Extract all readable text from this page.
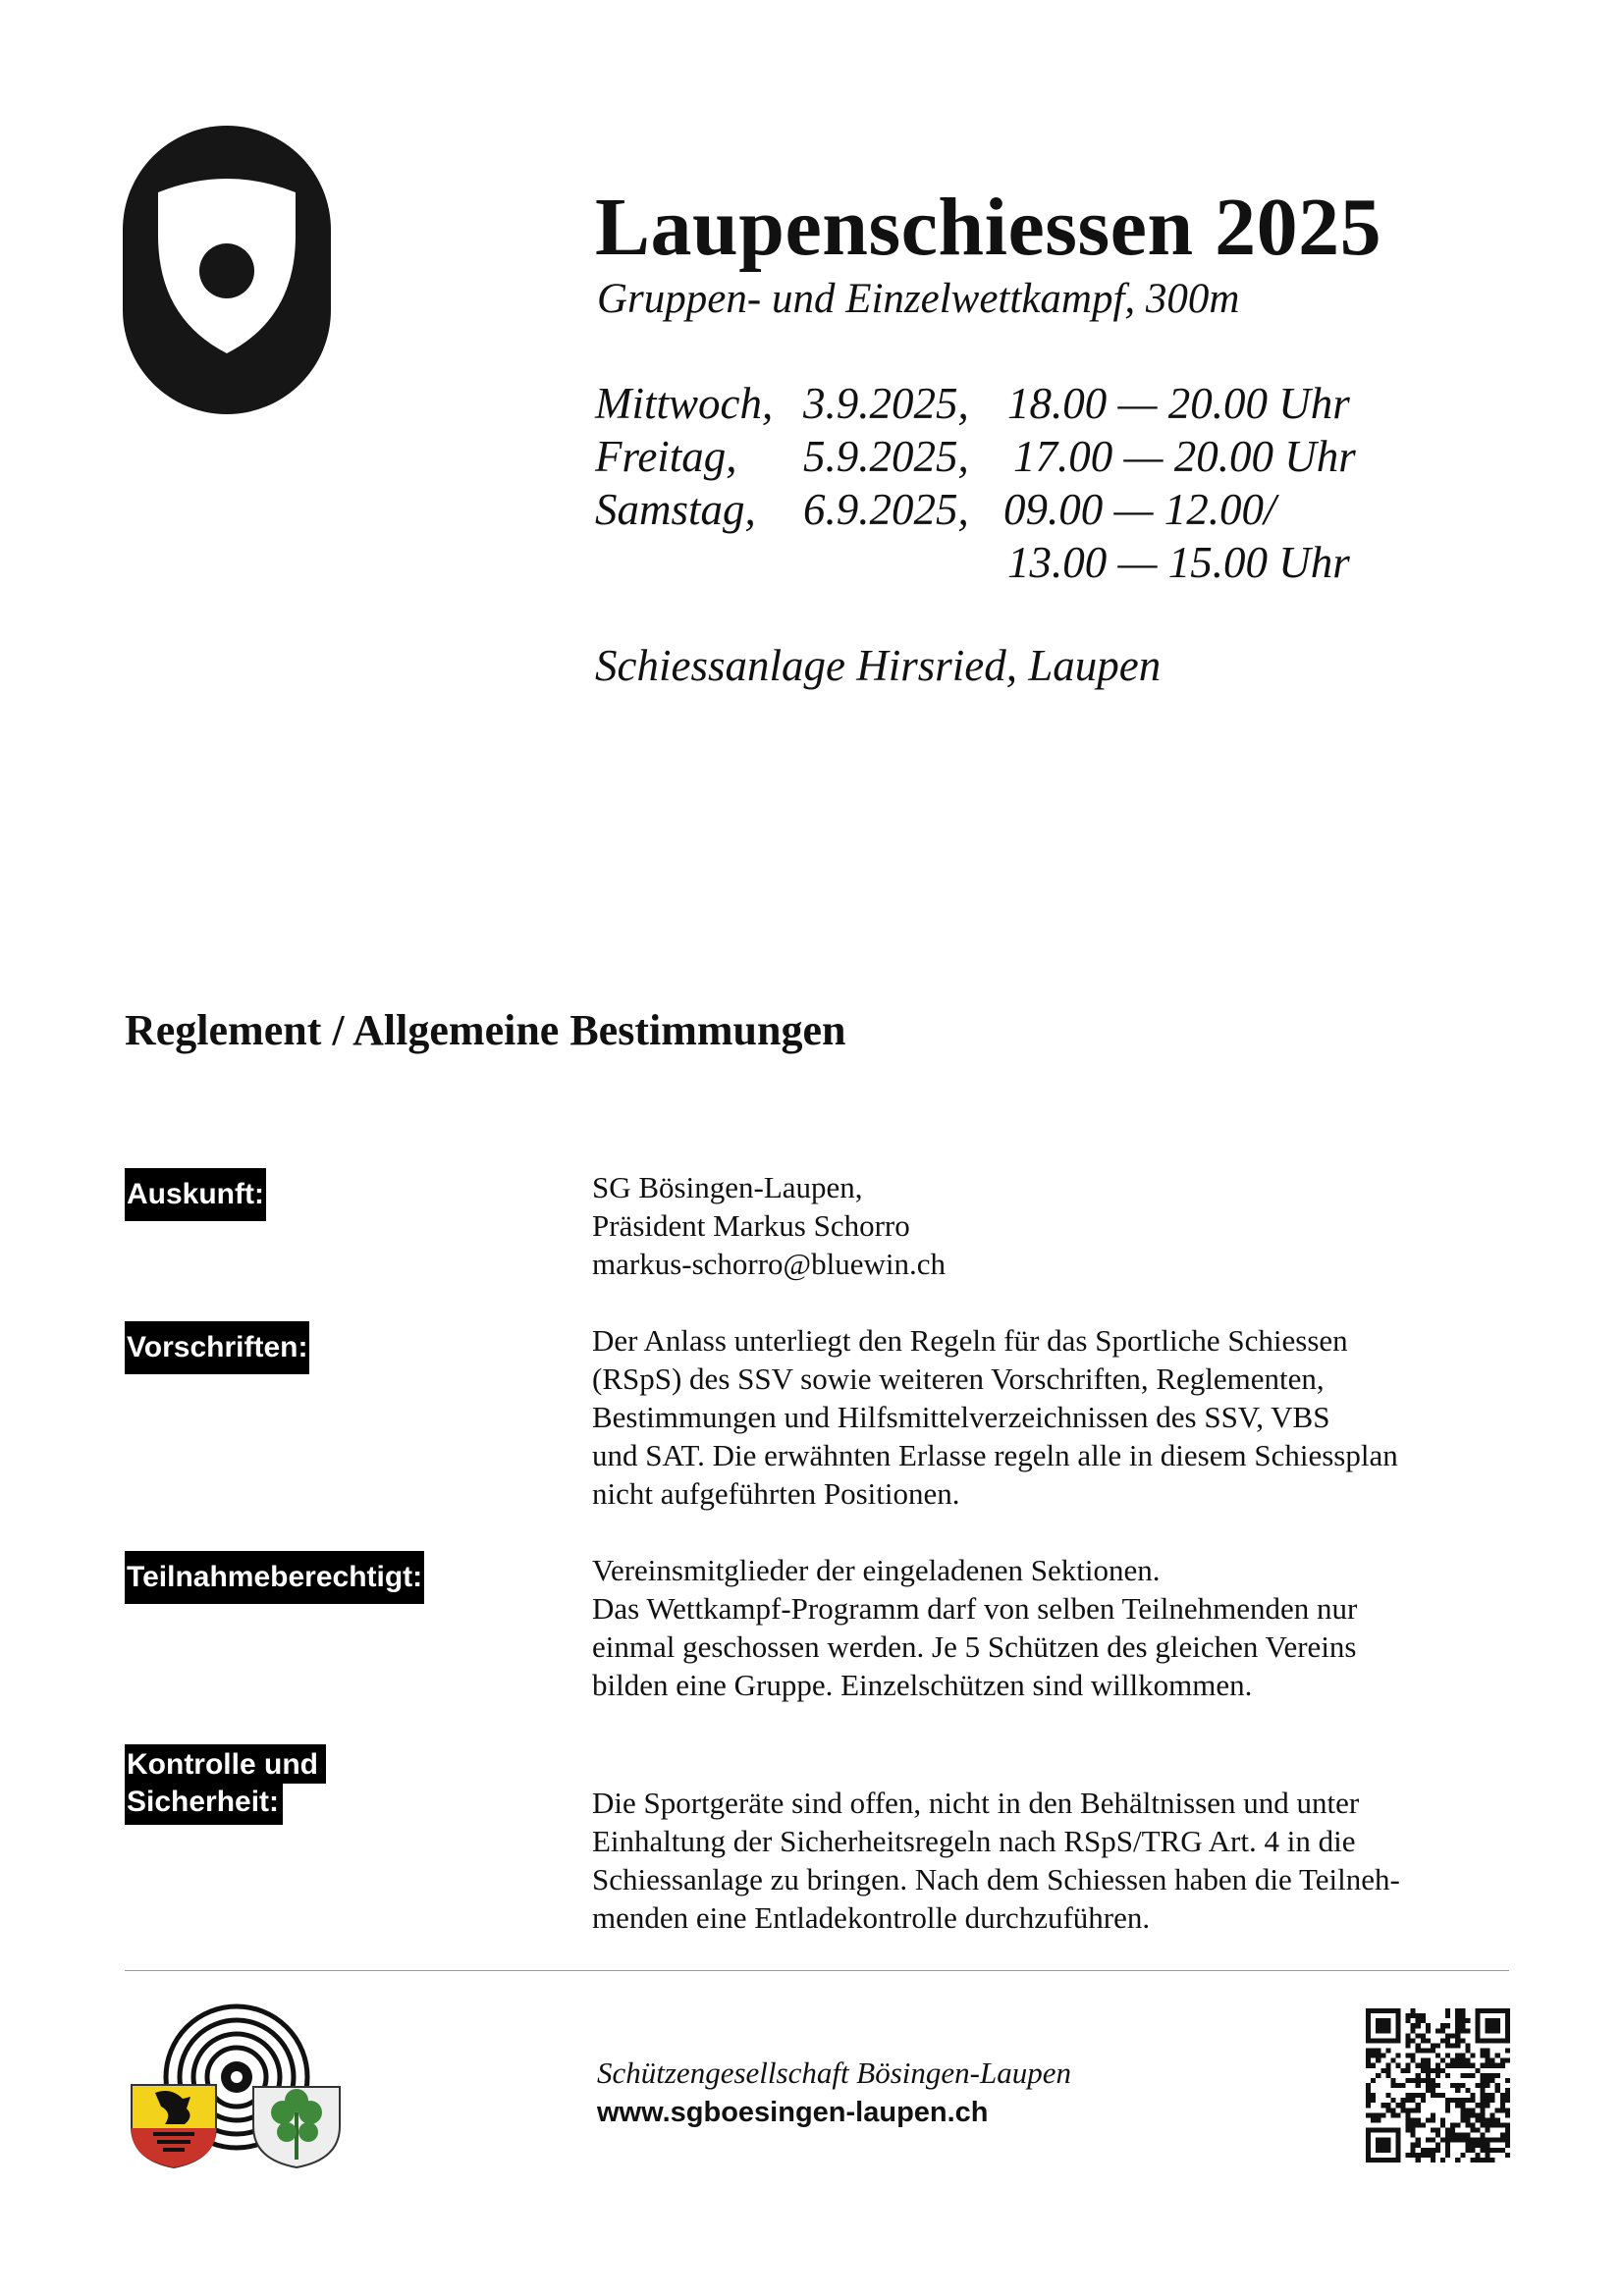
Laupenschiessen 2025
Gruppen- und Einzelwettkampf, 300m
Mittwoch, 3.9.2025, 18.00 — 20.00 Uhr
Freitag, 5.9.2025, 17.00 — 20.00 Uhr
Samstag, 6.9.2025, 09.00 — 12.00/
13.00 — 15.00 Uhr
Schiessanlage Hirsried, Laupen
Reglement / Allgemeine Bestimmungen
Auskunft:	SG Bösingen-Laupen,
Präsident Markus Schorro
markus-schorro@bluewin.ch
Vorschriften:	Der Anlass unterliegt den Regeln für das Sportliche Schiessen
(RSpS) des SSV sowie weiteren Vorschriften, Reglementen,
Bestimmungen und Hilfsmittelverzeichnissen des SSV, VBS
und SAT. Die erwähnten Erlasse regeln alle in diesem Schiessplan
nicht aufgeführten Positionen.
Teilnahmeberechtigt:	Vereinsmitglieder der eingeladenen Sektionen.
Das Wettkampf-Programm darf von selben Teilnehmenden nur
einmal geschossen werden. Je 5 Schützen des gleichen Vereins
bilden eine Gruppe. Einzelschützen sind willkommen.
Kontrolle und
Sicherheit:	Die Sportgeräte sind offen, nicht in den Behältnissen und unter
Einhaltung der Sicherheitsregeln nach RSpS/TRG Art. 4 in die
Schiessanlage zu bringen. Nach dem Schiessen haben die Teilneh-
menden eine Entladekontrolle durchzuführen.
Schützengesellschaft Bösingen-Laupen
www.sgboesingen-laupen.ch
